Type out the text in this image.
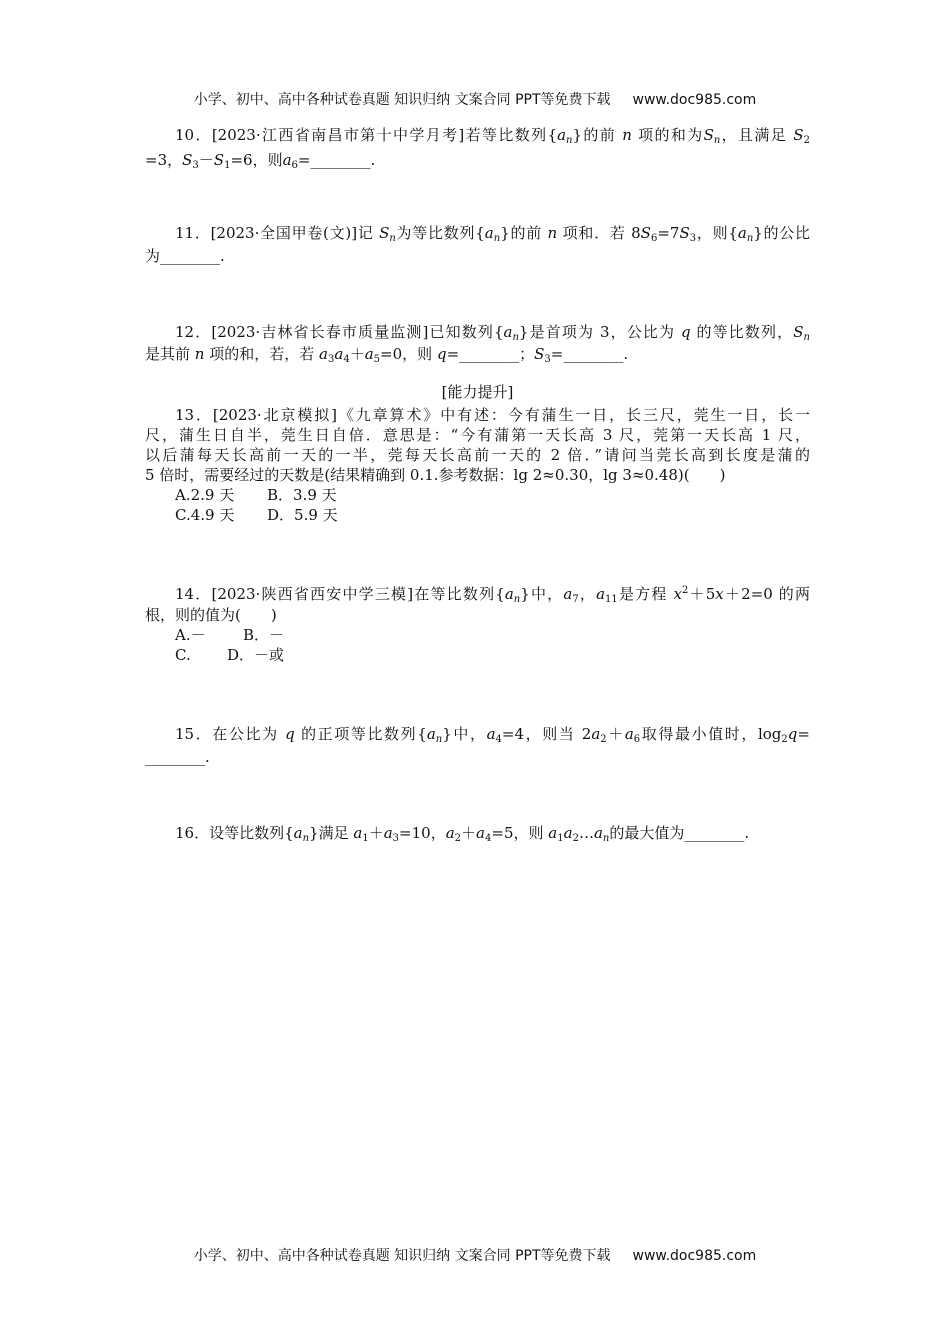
小学、初中、高中各种试卷真题 知识归纳 文案合同 PPT等免费下载 www.doc985.com
10．[2023·江西省南昌市第十中学月考]若等比数列$\{a_n\}$的前 n 项的和为$S_n$，且满足 $S_2$
=3，$S_3-S_1=6$，则$a_6=\_\_\_\_\_\_\_\_$.
11．[2023·全国甲卷(文)]记 $S_n$为等比数列$\{a_n\}$的前 n 项和．若 $8S_6=7S_3$，则$\{a_n\}$的公比
为________.
12．[2023·吉林省长春市质量监测]已知数列$\{a_n\}$是首项为 3，公比为 q 的等比数列，$S_n$
是其前 n 项的和，若，若 $a_3a_4+a_5=0$，则 q=________；$S_3=\_\_\_\_\_\_\_\_$.
[能力提升]
13．[2023·北京模拟]《九章算术》中有述：今有蒲生一日，长三尺，莞生一日，长一
尺，蒲生日自半，莞生日自倍．意思是：“今有蒲第一天长高 3 尺，莞第一天长高 1 尺，
以后蒲每天长高前一天的一半，莞每天长高前一天的 2 倍．”请问当莞长高到长度是蒲的
5 倍时，需要经过的天数是(结果精确到 0.1.参考数据：lg 2≈0.30，lg 3≈0.48)(　　)
A.2.9 天 B．3.9 天
C.4.9 天 D．5.9 天
14．[2023·陕西省西安中学三模]在等比数列$\{a_n\}$中，$a_7$，$a_{11}$是方程 $x^2+5x+2=0$ 的两
根，则的值为(　　)
A.－ B．－
C. D．－或
15．在公比为 q 的正项等比数列$\{a_n\}$中，$a_4=4$，则当 $2a_2+a_6$取得最小值时，$\log_2q=$
________.
16．设等比数列$\{a_n\}$满足 $a_1+a_3=10$，$a_2+a_4=5$，则 $a_1a_2\dots a_n$的最大值为________.
小学、初中、高中各种试卷真题 知识归纳 文案合同 PPT等免费下载 www.doc985.com
